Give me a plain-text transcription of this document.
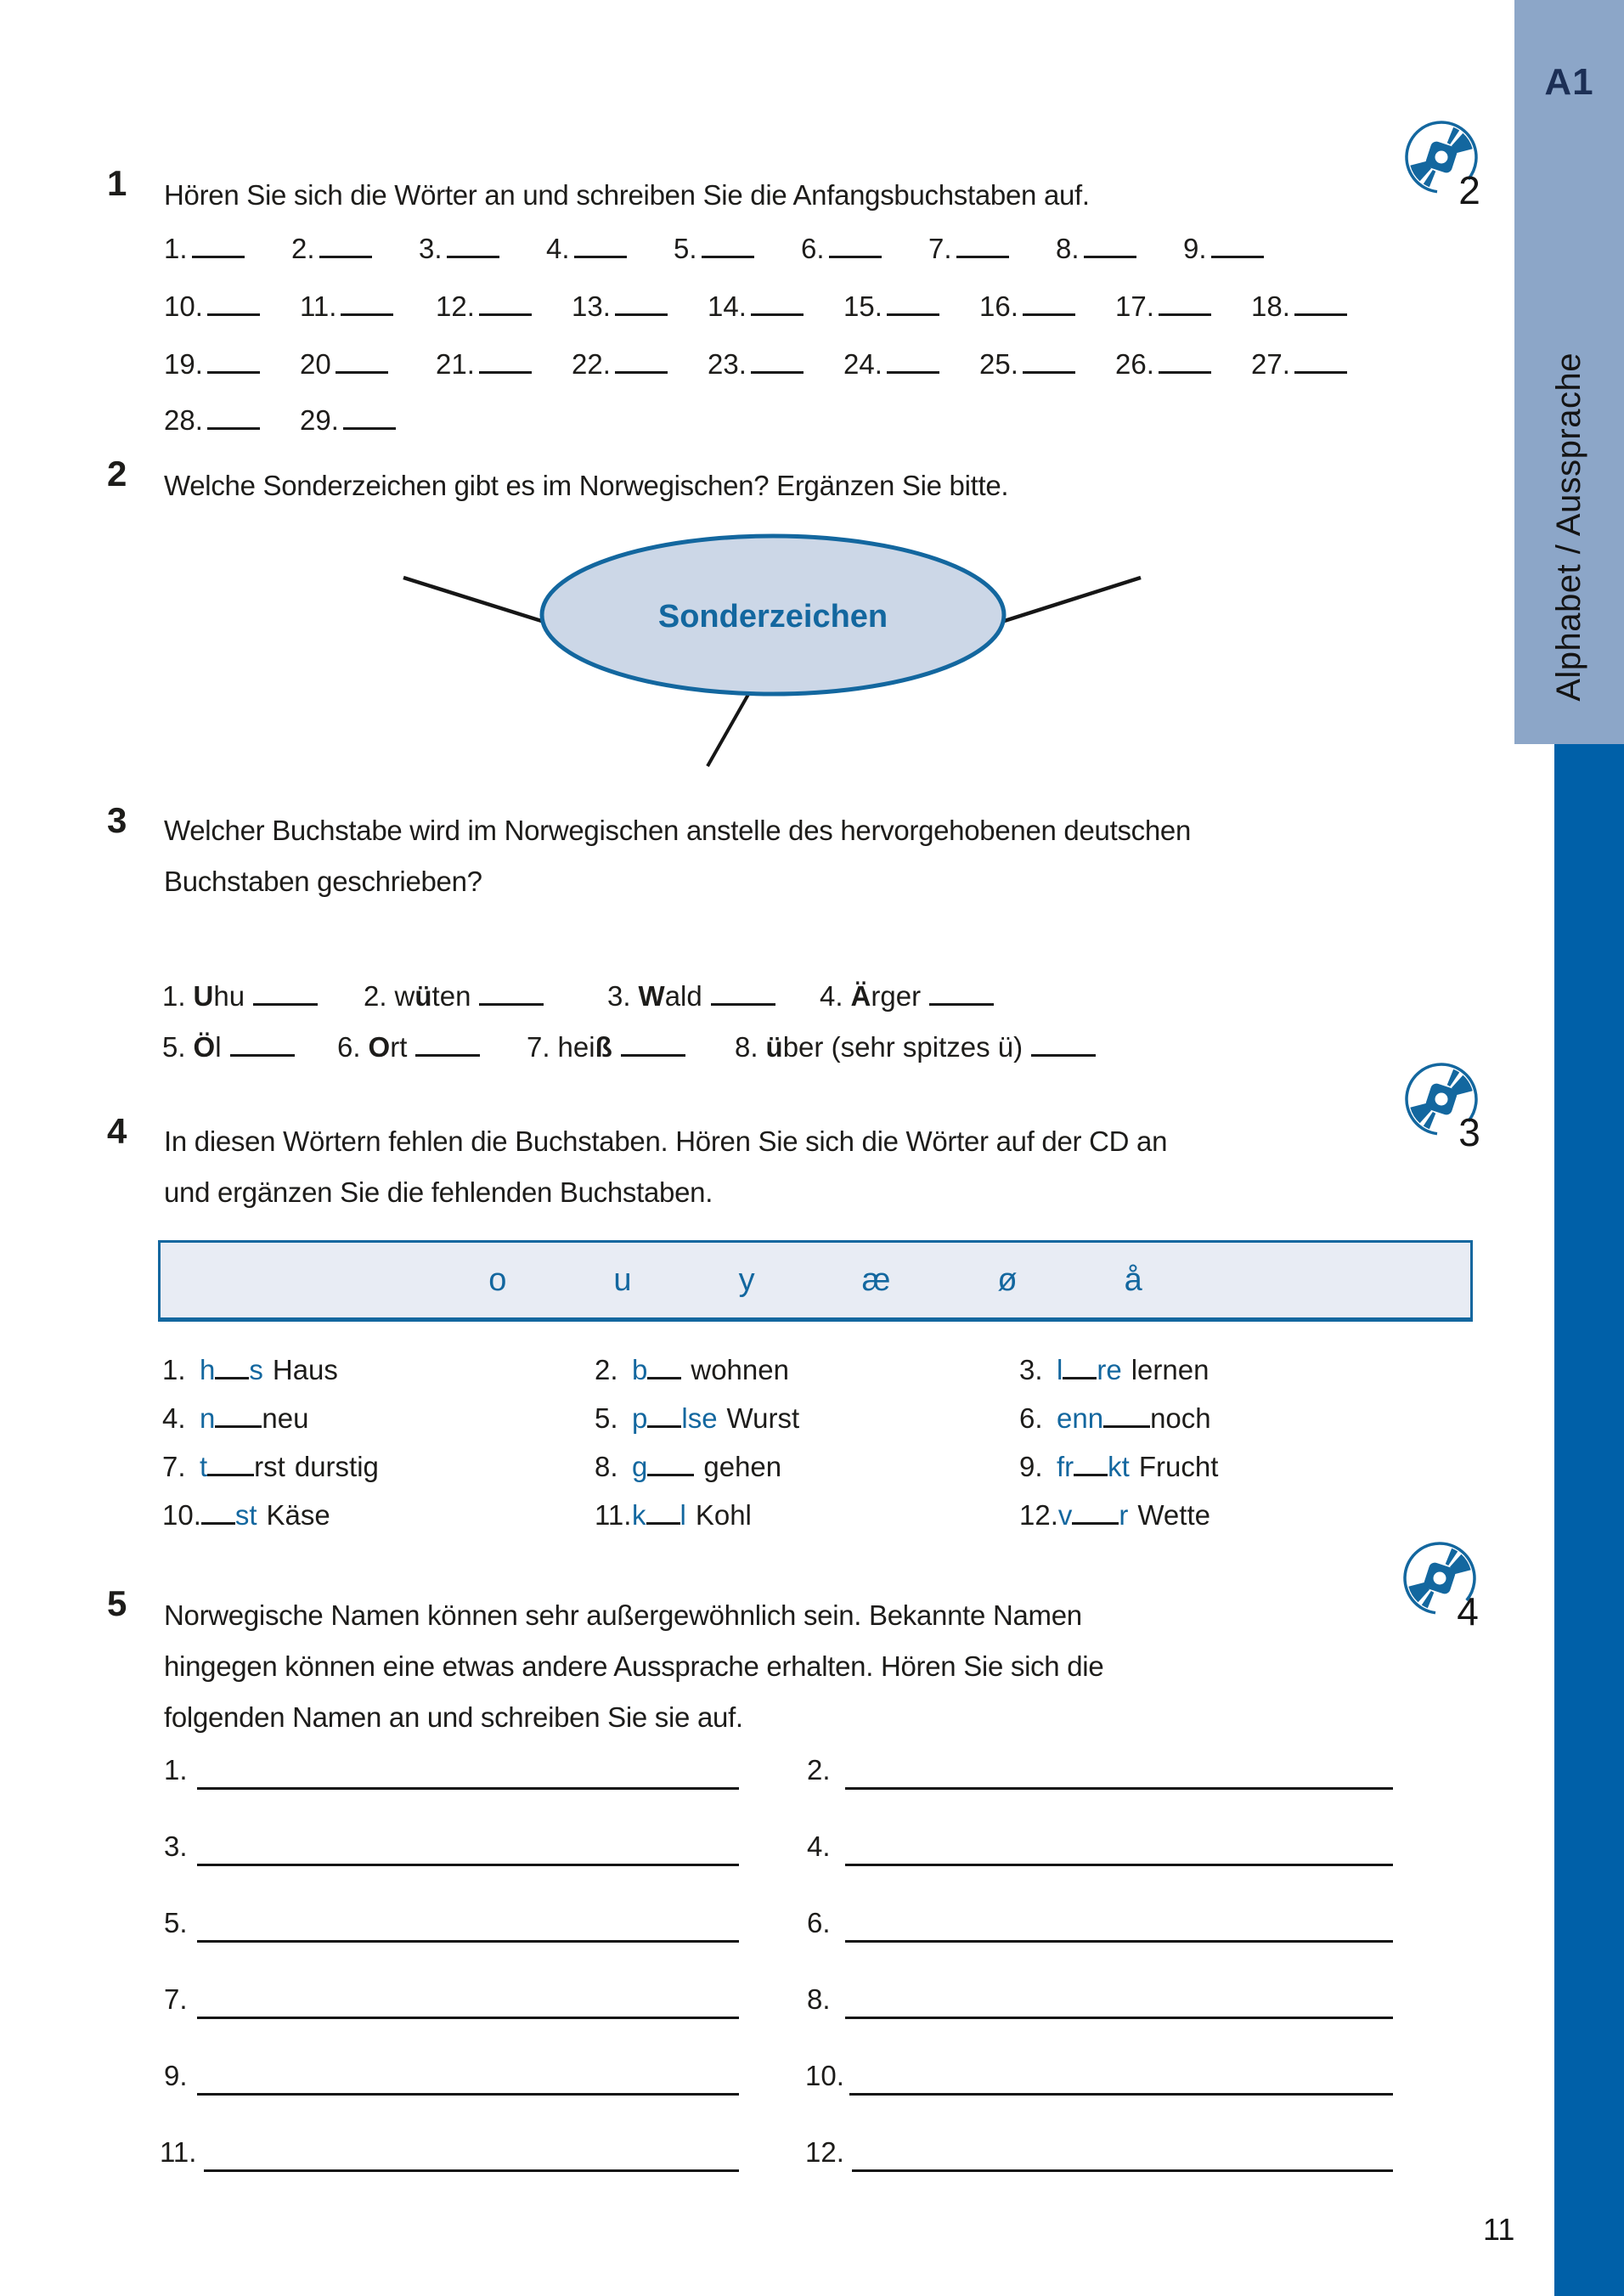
A1
Alphabet / Aussprache
11
2
3
4
1	Hören Sie sich die Wörter an und schreiben Sie die Anfangsbuchstaben auf.
1.	2.	3.	4.	5.	6.	7.	8.	9.
10.	11.	12.	13.	14.	15.	16.	17.	18.
19.	20	21.	22.	23.	24.	25.	26.	27.
28.	29.
2	Welche Sonderzeichen gibt es im Norwegischen? Ergänzen Sie bitte.
Sonderzeichen
3	Welcher Buchstabe wird im Norwegischen anstelle des hervorgehobenen deutschen
Buchstaben geschrieben?
1. Uhu	2. wüten	3. Wald	4. Ärger
5. Öl	6. Ort	7. heiß	8. über (sehr spitzes ü)
4	In diesen Wörtern fehlen die Buchstaben. Hören Sie sich die Wörter auf der CD an
und ergänzen Sie die fehlenden Buchstaben.
o	u	y	æ	ø	å
1. h s Haus	2. b wohnen	3. l re lernen
4. n neu	5. p lse Wurst	6. enn noch
7. t rst durstig	8. g gehen	9. fr kt Frucht
10. st Käse	11.k l Kohl	12.v r Wette
5	Norwegische Namen können sehr außergewöhnlich sein. Bekannte Namen
hingegen können eine etwas andere Aussprache erhalten. Hören Sie sich die
folgenden Namen an und schreiben Sie sie auf.
1.	2.
3.	4.
5.	6.
7.	8.
9.	10.
11.	12.
